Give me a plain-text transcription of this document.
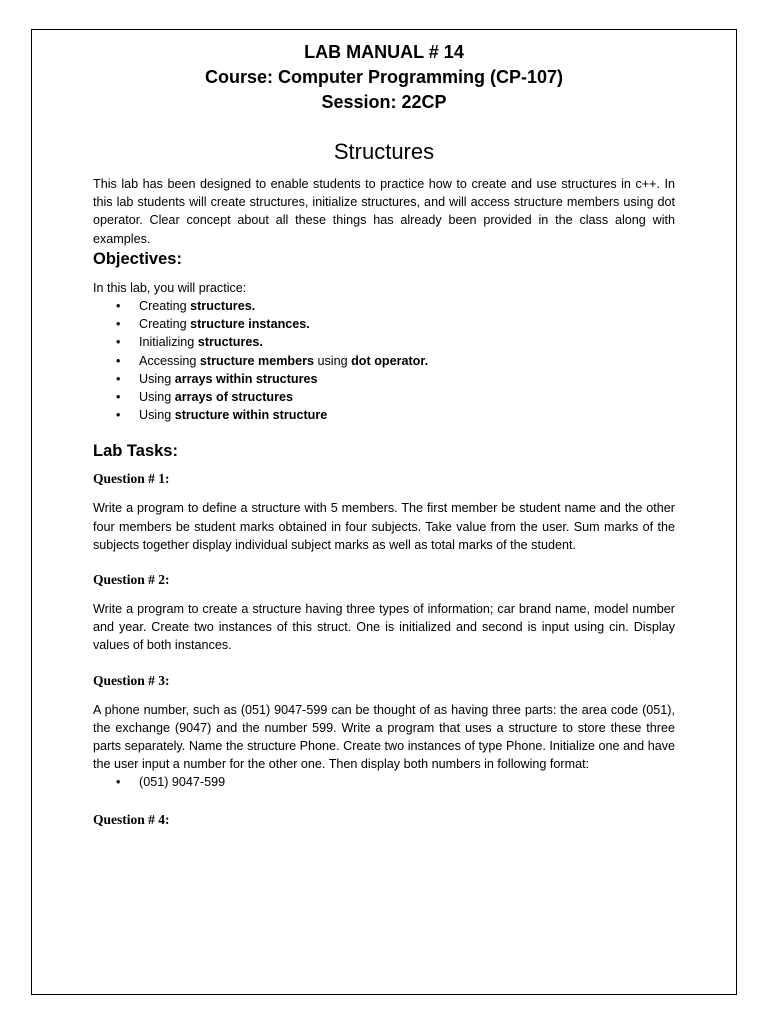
LAB MANUAL # 14

Course: Computer Programming (CP-107)

Session: 22CP

Structures

This lab has been designed to enable students to practice how to create and use structures in c++. In this lab students will create structures, initialize structures, and will access structure members using dot operator. Clear concept about all these things has already been provided in the class along with examples.

Objectives:

In this lab, you will practice:

• Creating structures.
• Creating structure instances.
• Initializing structures.
• Accessing structure members using dot operator.
• Using arrays within structures
• Using arrays of structures
• Using structure within structure

Lab Tasks:

Question # 1:

Write a program to define a structure with 5 members. The first member be student name and the other four members be student marks obtained in four subjects. Take value from the user. Sum marks of the subjects together display individual subject marks as well as total marks of the student.

Question # 2:

Write a program to create a structure having three types of information; car brand name, model number and year. Create two instances of this struct. One is initialized and second is input using cin. Display values of both instances.

Question # 3:

A phone number, such as (051) 9047-599 can be thought of as having three parts: the area code (051), the exchange (9047) and the number 599. Write a program that uses a structure to store these three parts separately. Name the structure Phone. Create two instances of type Phone. Initialize one and have the user input a number for the other one. Then display both numbers in following format:

• (051) 9047-599

Question # 4:
